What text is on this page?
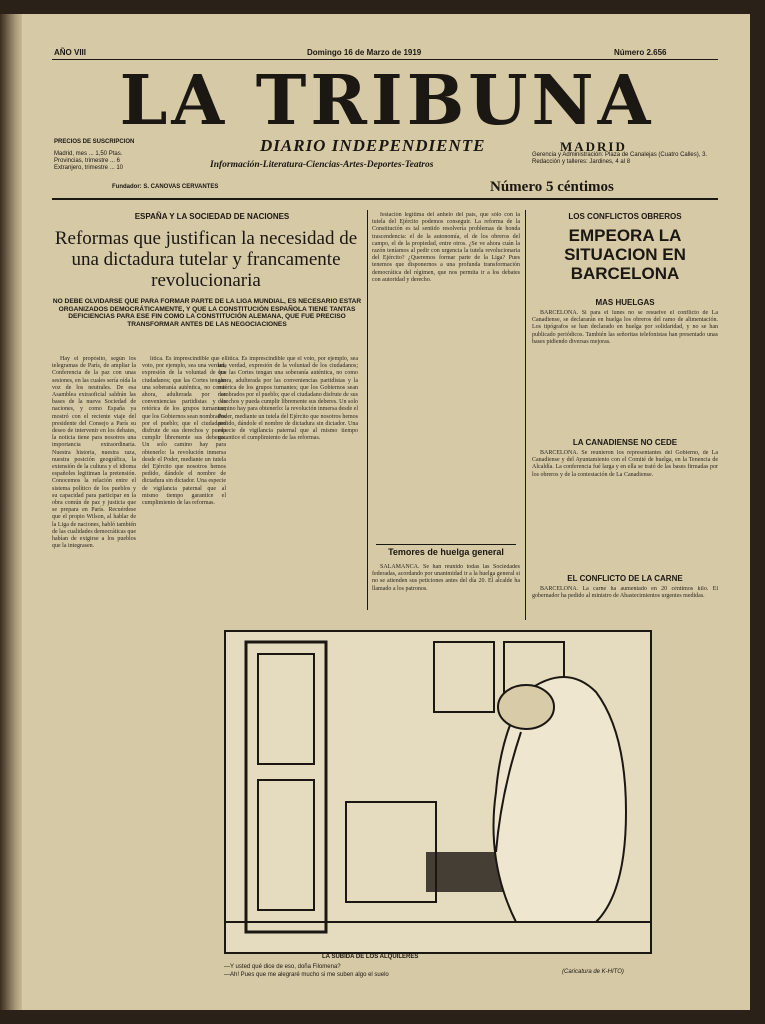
AÑO VIII	Domingo 16 de Marzo de 1919	Número 2.656
LA TRIBUNA
PRECIOS DE SUSCRIPCION
Madrid, mes ... 1,50 Ptas.
Provincias, trimestre ... 6
Extranjero, trimestre ... 10
DIARIO INDEPENDIENTE	MADRID
Información-Literatura-Ciencias-Artes-Deportes-Teatros
Gerencia y Administración: Plaza de Canalejas (Cuatro Calles), 3. Redacción y talleres: Jardines, 4 al 8
Fundador: S. CANOVAS CERVANTES	Número 5 céntimos
ESPAÑA Y LA SOCIEDAD DE NACIONES
Reformas que justifican la necesidad de una dictadura tutelar y francamente revolucionaria
NO DEBE OLVIDARSE QUE PARA FORMAR PARTE DE LA LIGA MUNDIAL, ES NECESARIO ESTAR ORGANIZADOS DEMOCRÁTICAMENTE, Y QUE LA CONSTITUCIÓN ESPAÑOLA TIENE TANTAS DEFICIENCIAS PARA ESE FIN COMO LA CONSTITUCIÓN ALEMANA, QUE FUE PRECISO TRANSFORMAR ANTES DE LAS NEGOCIACIONES

Hay el propósito, según los telegramas de París, de ampliar la Conferencia de la paz con unas sesiones, en las cuales sería oída la voz de los neutrales. De esa Asamblea extraoficial saldrán las bases de la nueva Sociedad de naciones, y como España ya mostró con el reciente viaje del presidente del Consejo a París su deseo de intervenir en los debates, la noticia tiene para nosotros una importancia extraordinaria. Nuestra historia, nuestra raza, nuestra posición geográfica, la extensión de la cultura y el idioma españoles legitiman la pretensión. Conocemos la relación entre el sistema político de los pueblos y su capacidad para participar en la obra común de paz y justicia que se prepara en París. Recuérdese que el propio Wilson, al hablar de la Liga de naciones, habló también de las cualidades democráticas que habían de exigirse a los pueblos que la integrasen.

lítica. Es imprescindible que el voto, por ejemplo, sea una verdad, expresión de la voluntad de los ciudadanos; que las Cortes tengan una soberanía auténtica, no como ahora, adulterada por las conveniencias partidistas y la retórica de los grupos turnantes; que los Gobiernos sean nombrados por el pueblo; que el ciudadano disfrute de sus derechos y pueda cumplir libremente sus deberes. Un solo camino hay para obtenerlo: la revolución inmersa desde el Poder, mediante un tutela del Ejército que nosotros hemos pedido, dándole el nombre de dictadura sin dictador. Una especie de vigilancia paternal que al mismo tiempo garantice el cumplimiento de las reformas.

lítica. Es imprescindible que el voto, por ejemplo, sea una verdad, expresión de la voluntad de los ciudadanos; que las Cortes tengan una soberanía auténtica, no como ahora, adulterada por las conveniencias partidistas y la retórica de los grupos turnantes; que los Gobiernos sean nombrados por el pueblo; que el ciudadano disfrute de sus derechos y pueda cumplir libremente sus deberes. Un solo camino hay para obtenerlo: la revolución inmersa desde el Poder, mediante un tutela del Ejército que nosotros hemos pedido, dándole el nombre de dictadura sin dictador. Una especie de vigilancia paternal que al mismo tiempo garantice el cumplimiento de las reformas.

festación legítima del anhelo del país, que sólo con la tutela del Ejército podemos conseguir. La reforma de la Constitución es tal sentido resolvería problemas de honda trascendencia: el de la autonomía, el de los obreros del campo, el de la propiedad, entre otros. ¿Se ve ahora cuán la razón teníamos al pedir con urgencia la tutela revolucionaria del Ejército? ¿Queremos formar parte de la Liga? Pues tenemos que disponernos a una profunda transformación democrática del régimen, que nos permita ir a los debates con autoridad y derecho.

Temores de huelga general

SALAMANCA. Se han reunido todas las Sociedades federadas, acordando por unanimidad ir a la huelga general si no se atienden sus peticiones antes del día 20. El alcalde ha llamado a los patronos.

LOS CONFLICTOS OBREROS
EMPEORA LA SITUACION EN BARCELONA
MAS HUELGAS

BARCELONA. Si para el lunes no se resuelve el conflicto de La Canadiense, se declararán en huelga los obreros del ramo de alimentación. Los tipógrafos se han declarado en huelga por solidaridad, y no se han publicado periódicos. También las señoritas telefonistas han presentado unas bases pidiendo diversas mejoras.

LA CANADIENSE NO CEDE

BARCELONA. Se reunieron los representantes del Gobierno, de La Canadiense y del Ayuntamiento con el Comité de huelga, en la Tenencia de Alcaldía. La conferencia fué larga y en ella se trató de las bases firmadas por los obreros y de la contestación de La Canadiense.

EL CONFLICTO DE LA CARNE

BARCELONA. La carne ha aumentado en 20 céntimos kilo. El gobernador ha pedido al ministro de Abastecimientos urgentes medidas.

LA SUBIDA DE LOS ALQUILERES
—Y usted qué dice de eso, doña Filomena?
—Ah! Pues que me alegraré mucho si me suben algo el suelo	(Caricatura de K-HITO)
